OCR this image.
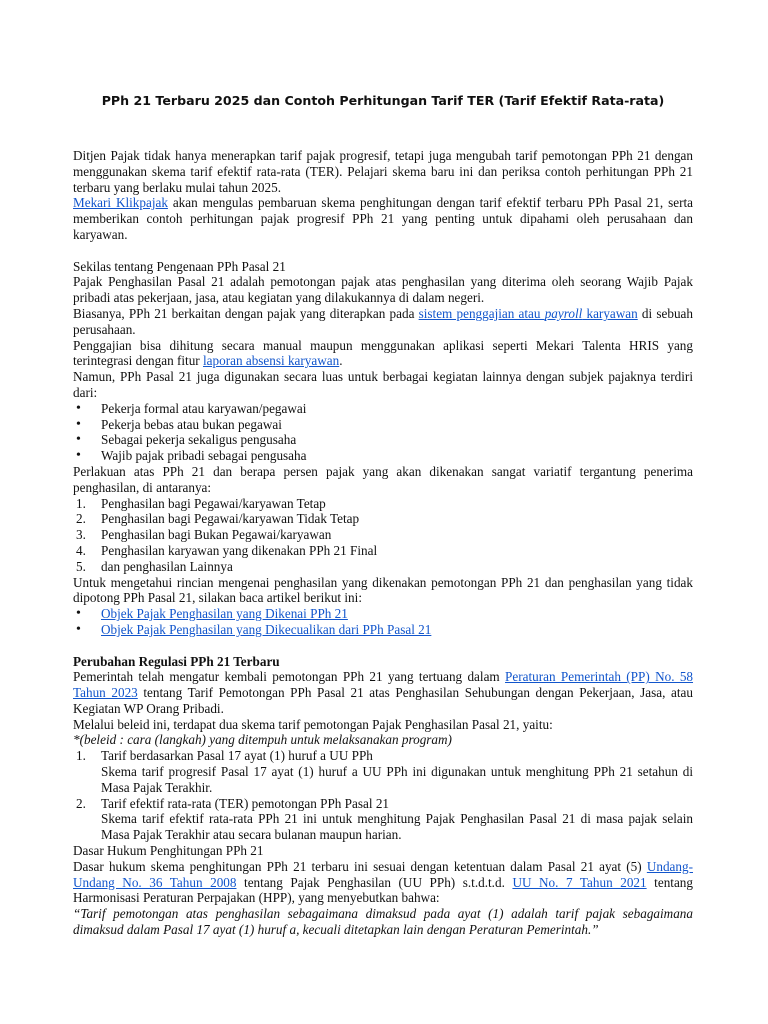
PPh 21 Terbaru 2025 dan Contoh Perhitungan Tarif TER (Tarif Efektif Rata-rata)

Ditjen Pajak tidak hanya menerapkan tarif pajak progresif, tetapi juga mengubah tarif pemotongan PPh 21 dengan menggunakan skema tarif efektif rata-rata (TER). Pelajari skema baru ini dan periksa contoh perhitungan PPh 21 terbaru yang berlaku mulai tahun 2025.

Mekari Klikpajak akan mengulas pembaruan skema penghitungan dengan tarif efektif terbaru PPh Pasal 21, serta memberikan contoh perhitungan pajak progresif PPh 21 yang penting untuk dipahami oleh perusahaan dan karyawan.

Sekilas tentang Pengenaan PPh Pasal 21

Pajak Penghasilan Pasal 21 adalah pemotongan pajak atas penghasilan yang diterima oleh seorang Wajib Pajak pribadi atas pekerjaan, jasa, atau kegiatan yang dilakukannya di dalam negeri.

Biasanya, PPh 21 berkaitan dengan pajak yang diterapkan pada sistem penggajian atau payroll karyawan di sebuah perusahaan.

Penggajian bisa dihitung secara manual maupun menggunakan aplikasi seperti Mekari Talenta HRIS yang terintegrasi dengan fitur laporan absensi karyawan.

Namun, PPh Pasal 21 juga digunakan secara luas untuk berbagai kegiatan lainnya dengan subjek pajaknya terdiri dari:

• Pekerja formal atau karyawan/pegawai
• Pekerja bebas atau bukan pegawai
• Sebagai pekerja sekaligus pengusaha
• Wajib pajak pribadi sebagai pengusaha

Perlakuan atas PPh 21 dan berapa persen pajak yang akan dikenakan sangat variatif tergantung penerima penghasilan, di antaranya:

1. Penghasilan bagi Pegawai/karyawan Tetap
2. Penghasilan bagi Pegawai/karyawan Tidak Tetap
3. Penghasilan bagi Bukan Pegawai/karyawan
4. Penghasilan karyawan yang dikenakan PPh 21 Final
5. dan penghasilan Lainnya

Untuk mengetahui rincian mengenai penghasilan yang dikenakan pemotongan PPh 21 dan penghasilan yang tidak dipotong PPh Pasal 21, silakan baca artikel berikut ini:

• Objek Pajak Penghasilan yang Dikenai PPh 21
• Objek Pajak Penghasilan yang Dikecualikan dari PPh Pasal 21

Perubahan Regulasi PPh 21 Terbaru

Pemerintah telah mengatur kembali pemotongan PPh 21 yang tertuang dalam Peraturan Pemerintah (PP) No. 58 Tahun 2023 tentang Tarif Pemotongan PPh Pasal 21 atas Penghasilan Sehubungan dengan Pekerjaan, Jasa, atau Kegiatan WP Orang Pribadi.

Melalui beleid ini, terdapat dua skema tarif pemotongan Pajak Penghasilan Pasal 21, yaitu:

*(beleid : cara (langkah) yang ditempuh untuk melaksanakan program)

1. Tarif berdasarkan Pasal 17 ayat (1) huruf a UU PPh
Skema tarif progresif Pasal 17 ayat (1) huruf a UU PPh ini digunakan untuk menghitung PPh 21 setahun di Masa Pajak Terakhir.
2. Tarif efektif rata-rata (TER) pemotongan PPh Pasal 21
Skema tarif efektif rata-rata PPh 21 ini untuk menghitung Pajak Penghasilan Pasal 21 di masa pajak selain Masa Pajak Terakhir atau secara bulanan maupun harian.

Dasar Hukum Penghitungan PPh 21

Dasar hukum skema penghitungan PPh 21 terbaru ini sesuai dengan ketentuan dalam Pasal 21 ayat (5) Undang-Undang No. 36 Tahun 2008 tentang Pajak Penghasilan (UU PPh) s.t.d.t.d. UU No. 7 Tahun 2021 tentang Harmonisasi Peraturan Perpajakan (HPP), yang menyebutkan bahwa:

“Tarif pemotongan atas penghasilan sebagaimana dimaksud pada ayat (1) adalah tarif pajak sebagaimana dimaksud dalam Pasal 17 ayat (1) huruf a, kecuali ditetapkan lain dengan Peraturan Pemerintah.”
